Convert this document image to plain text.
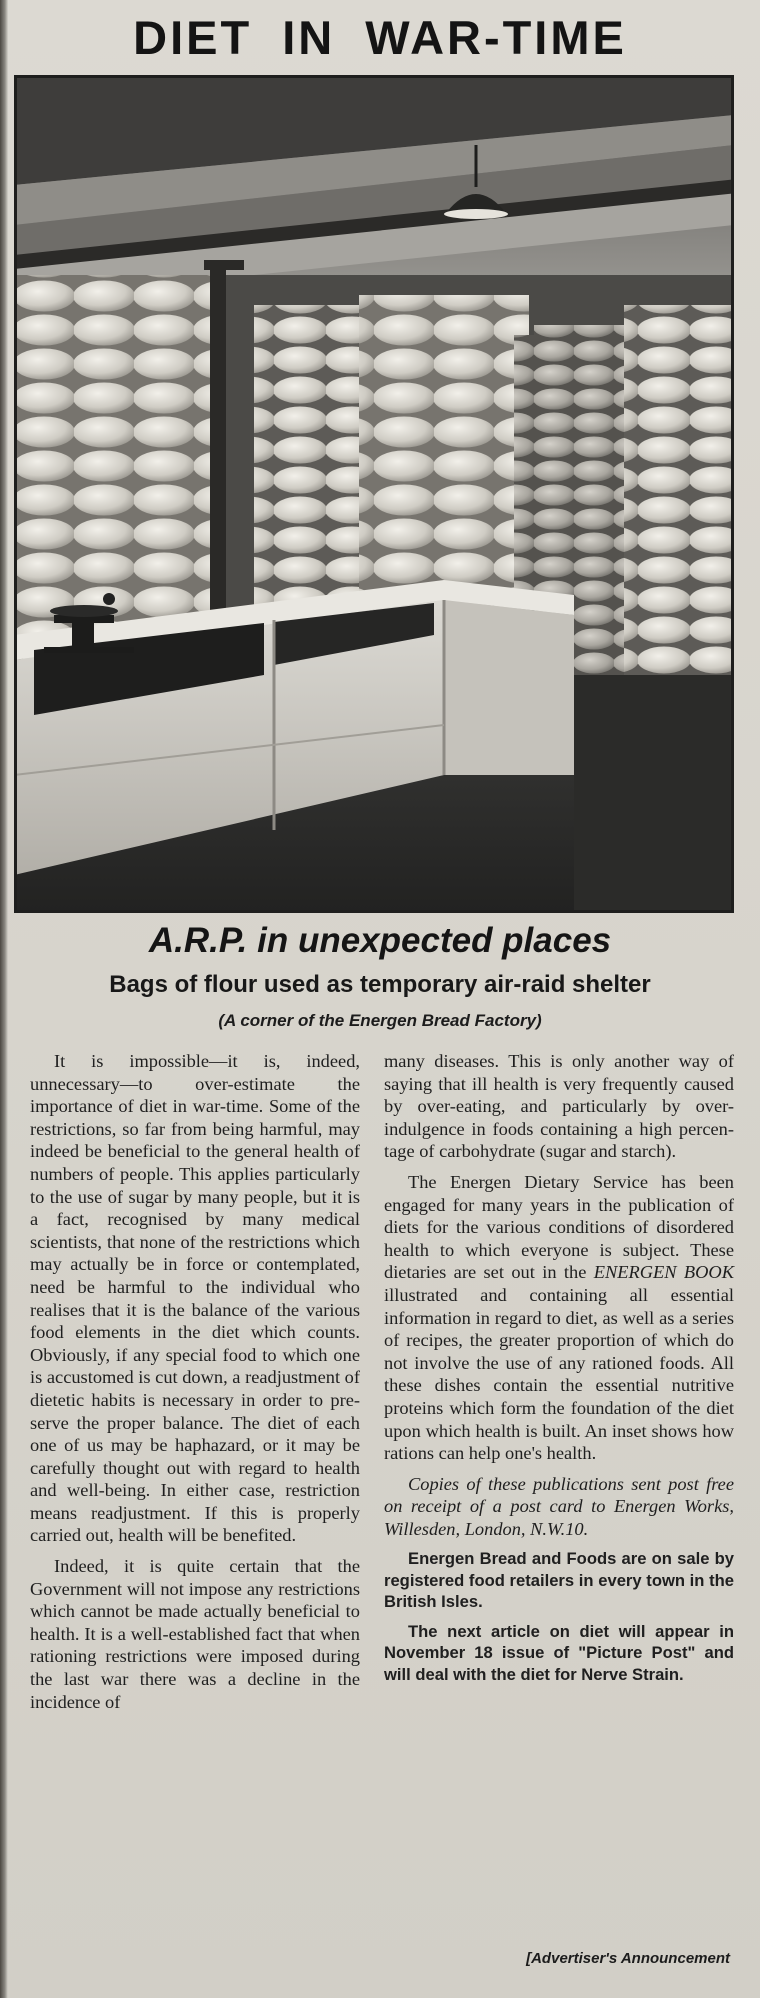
DIET IN WAR-TIME
A.R.P. in unexpected places
Bags of flour used as temporary air-raid shelter
(A corner of the Energen Bread Factory)

It is impossible—it is, indeed, unnecessary—to over-estimate the importance of diet in war-time. Some of the restrictions, so far from being harmful, may indeed be beneficial to the general health of numbers of people. This applies particularly to the use of sugar by many people, but it is a fact, recognised by many medical scientists, that none of the restrictions which may actually be in force or contemplated, need be harmful to the individual who realises that it is the balance of the various food elements in the diet which counts. Obviously, if any special food to which one is accustomed is cut down, a readjustment of dietetic habits is necessary in order to preserve the proper balance. The diet of each one of us may be haphazard, or it may be carefully thought out with regard to health and well-being. In either case, restriction means readjustment. If this is properly carried out, health will be benefited.

Indeed, it is quite certain that the Government will not impose any restrictions which cannot be made actually beneficial to health. It is a well-established fact that when rationing restrictions were imposed during the last war there was a decline in the incidence of

many diseases. This is only another way of saying that ill health is very frequently caused by over-eating, and particularly by over-indulgence in foods containing a high percentage of carbohydrate (sugar and starch).

The Energen Dietary Service has been engaged for many years in the publication of diets for the various conditions of disordered health to which everyone is subject. These dietaries are set out in the ENERGEN BOOK illustrated and containing all essential information in regard to diet, as well as a series of recipes, the greater proportion of which do not involve the use of any rationed foods. All these dishes contain the essential nutritive proteins which form the foundation of the diet upon which health is built. An inset shows how rations can help one's health.

Copies of these publications sent post free on receipt of a post card to Energen Works, Willesden, London, N.W.10.

Energen Bread and Foods are on sale by registered food retailers in every town in the British Isles.

The next article on diet will appear in November 18 issue of "Picture Post" and will deal with the diet for Nerve Strain.

[Advertiser's Announcement
